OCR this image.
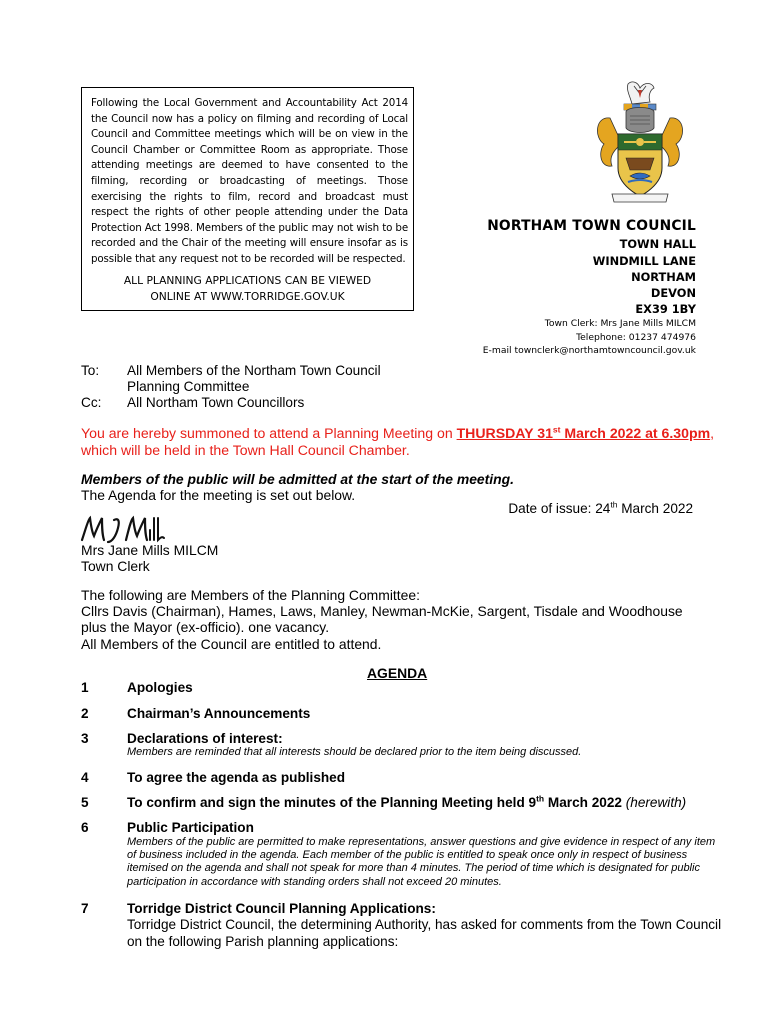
Following the Local Government and Accountability Act 2014 the Council now has a policy on filming and recording of Local Council and Committee meetings which will be on view in the Council Chamber or Committee Room as appropriate. Those attending meetings are deemed to have consented to the filming, recording or broadcasting of meetings. Those exercising the rights to film, record and broadcast must respect the rights of other people attending under the Data Protection Act 1998. Members of the public may not wish to be recorded and the Chair of the meeting will ensure insofar as is possible that any request not to be recorded will be respected.
ALL PLANNING APPLICATIONS CAN BE VIEWED
ONLINE AT WWW.TORRIDGE.GOV.UK
NORTHAM TOWN COUNCIL
TOWN HALL
WINDMILL LANE
NORTHAM
DEVON
EX39 1BY
Town Clerk: Mrs Jane Mills MILCM
Telephone: 01237 474976
E-mail townclerk@northamtowncouncil.gov.uk
To: All Members of the Northam Town Council
Planning Committee
Cc: All Northam Town Councillors
You are hereby summoned to attend a Planning Meeting on THURSDAY 31st March 2022 at 6.30pm,
which will be held in the Town Hall Council Chamber.
Members of the public will be admitted at the start of the meeting.
The Agenda for the meeting is set out below.
Date of issue: 24th March 2022
Mrs Jane Mills MILCM
Town Clerk
The following are Members of the Planning Committee:
Cllrs Davis (Chairman), Hames, Laws, Manley, Newman-McKie, Sargent, Tisdale and Woodhouse
plus the Mayor (ex-officio). one vacancy.
All Members of the Council are entitled to attend.
AGENDA
1	Apologies
2	Chairman’s Announcements
3	Declarations of interest:
Members are reminded that all interests should be declared prior to the item being discussed.
4	To agree the agenda as published
5	To confirm and sign the minutes of the Planning Meeting held 9th March 2022 (herewith)
6	Public Participation
Members of the public are permitted to make representations, answer questions and give evidence in respect of any item of business included in the agenda. Each member of the public is entitled to speak once only in respect of business itemised on the agenda and shall not speak for more than 4 minutes. The period of time which is designated for public participation in accordance with standing orders shall not exceed 20 minutes.
7	Torridge District Council Planning Applications:
Torridge District Council, the determining Authority, has asked for comments from the Town Council on the following Parish planning applications:
